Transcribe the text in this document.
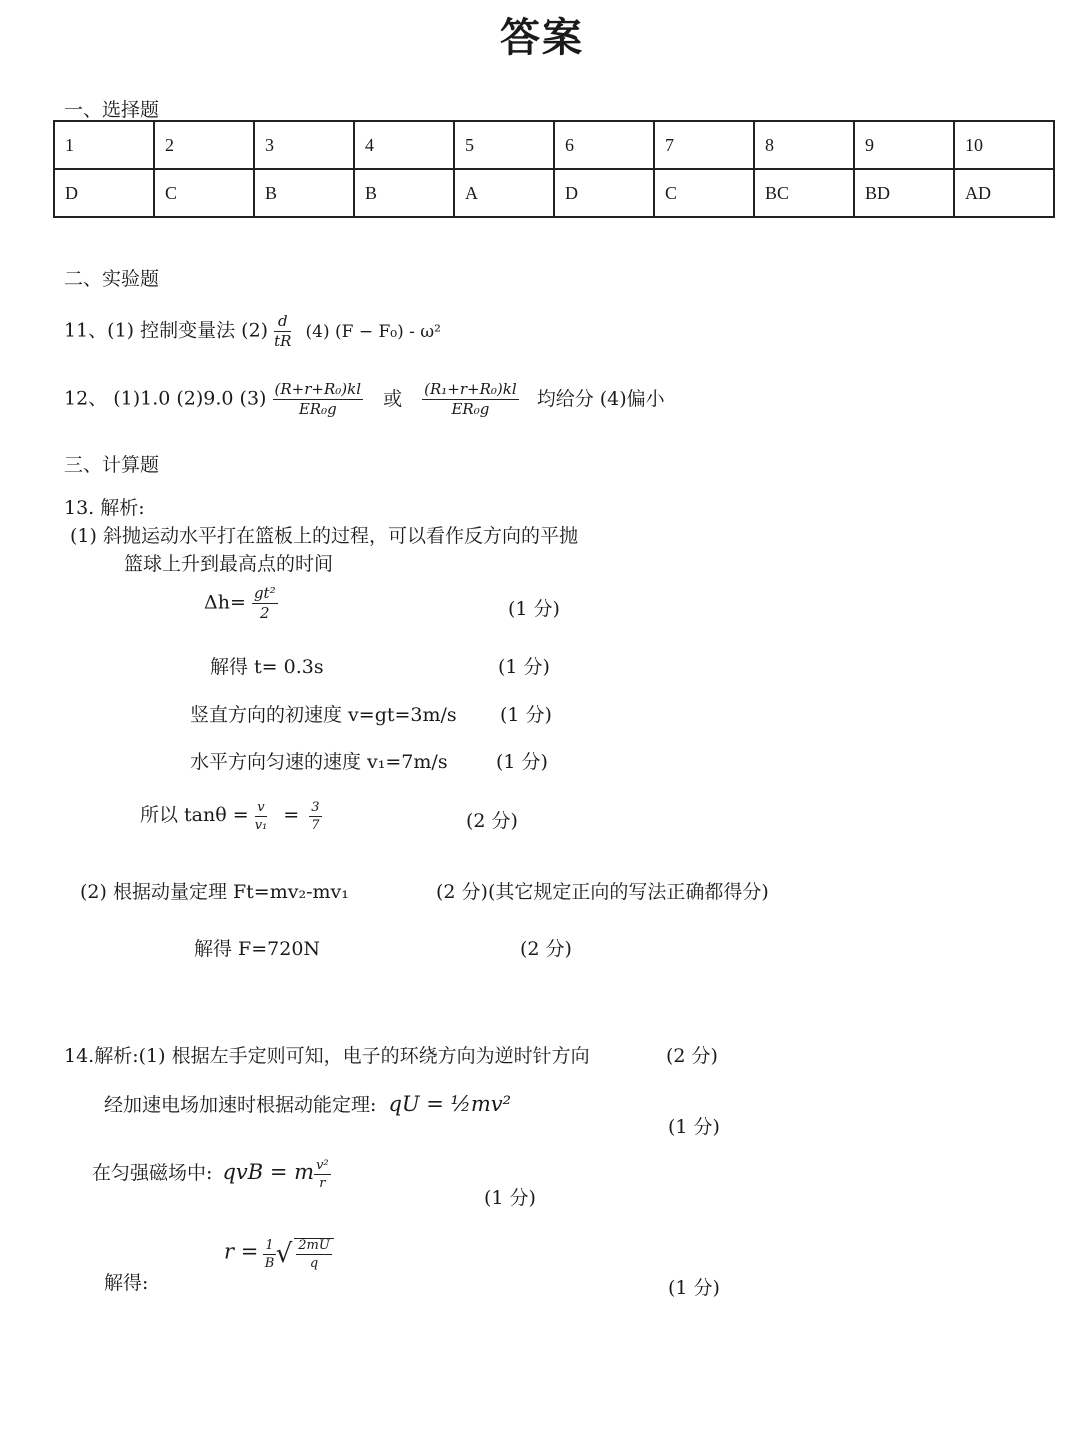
答案
一、选择题
1	2	3	4	5	6	7	8	9	10
D	C	B	B	A	D	C	BC	BD	AD
二、实验题
11、(1) 控制变量法 $(2) \frac{d}{tR} (4) (F - F_0) - \omega^2$
12、 (1)1.0 (2)9.0 $(3) \frac{\text{(R+r+R₀)kl}}{\text{ER₀g}}$ 或 $\frac{\text{(R₁+r+R₀)kl}}{\text{ER₀g}}$ 均给分 (4)偏小
三、计算题
13. 解析:
(1) 斜抛运动水平打在篮板上的过程，可以看作反方向的平抛
篮球上升到最高点的时间
$\Delta h= \frac{\text{gt²}}{2}$	(1 分)
解得 t= 0.3s	(1 分)
竖直方向的初速度 v=gt=3m/s (1 分)
水平方向匀速的速度 v₁=7m/s	(1 分)
所以 $\tan\theta = \frac{v}{\text{v₁}} = \frac{3}{7}$	(2 分)
(2) 根据动量定理 Ft=mv₂-mv₁	(2 分)(其它规定正向的写法正确都得分)
解得 F=720N	(2 分)
14.解析:(1) 根据左手定则可知，电子的环绕方向为逆时针方向	(2 分)
经加速电场加速时根据动能定理: qU = ½mv²
(1 分)
在匀强磁场中: qvB = m $\frac{\text{v²}}{r}$
(1 分)
$r = \frac{1}{B}$ √ $\frac{2mU}{q}$
解得:	(1 分)
